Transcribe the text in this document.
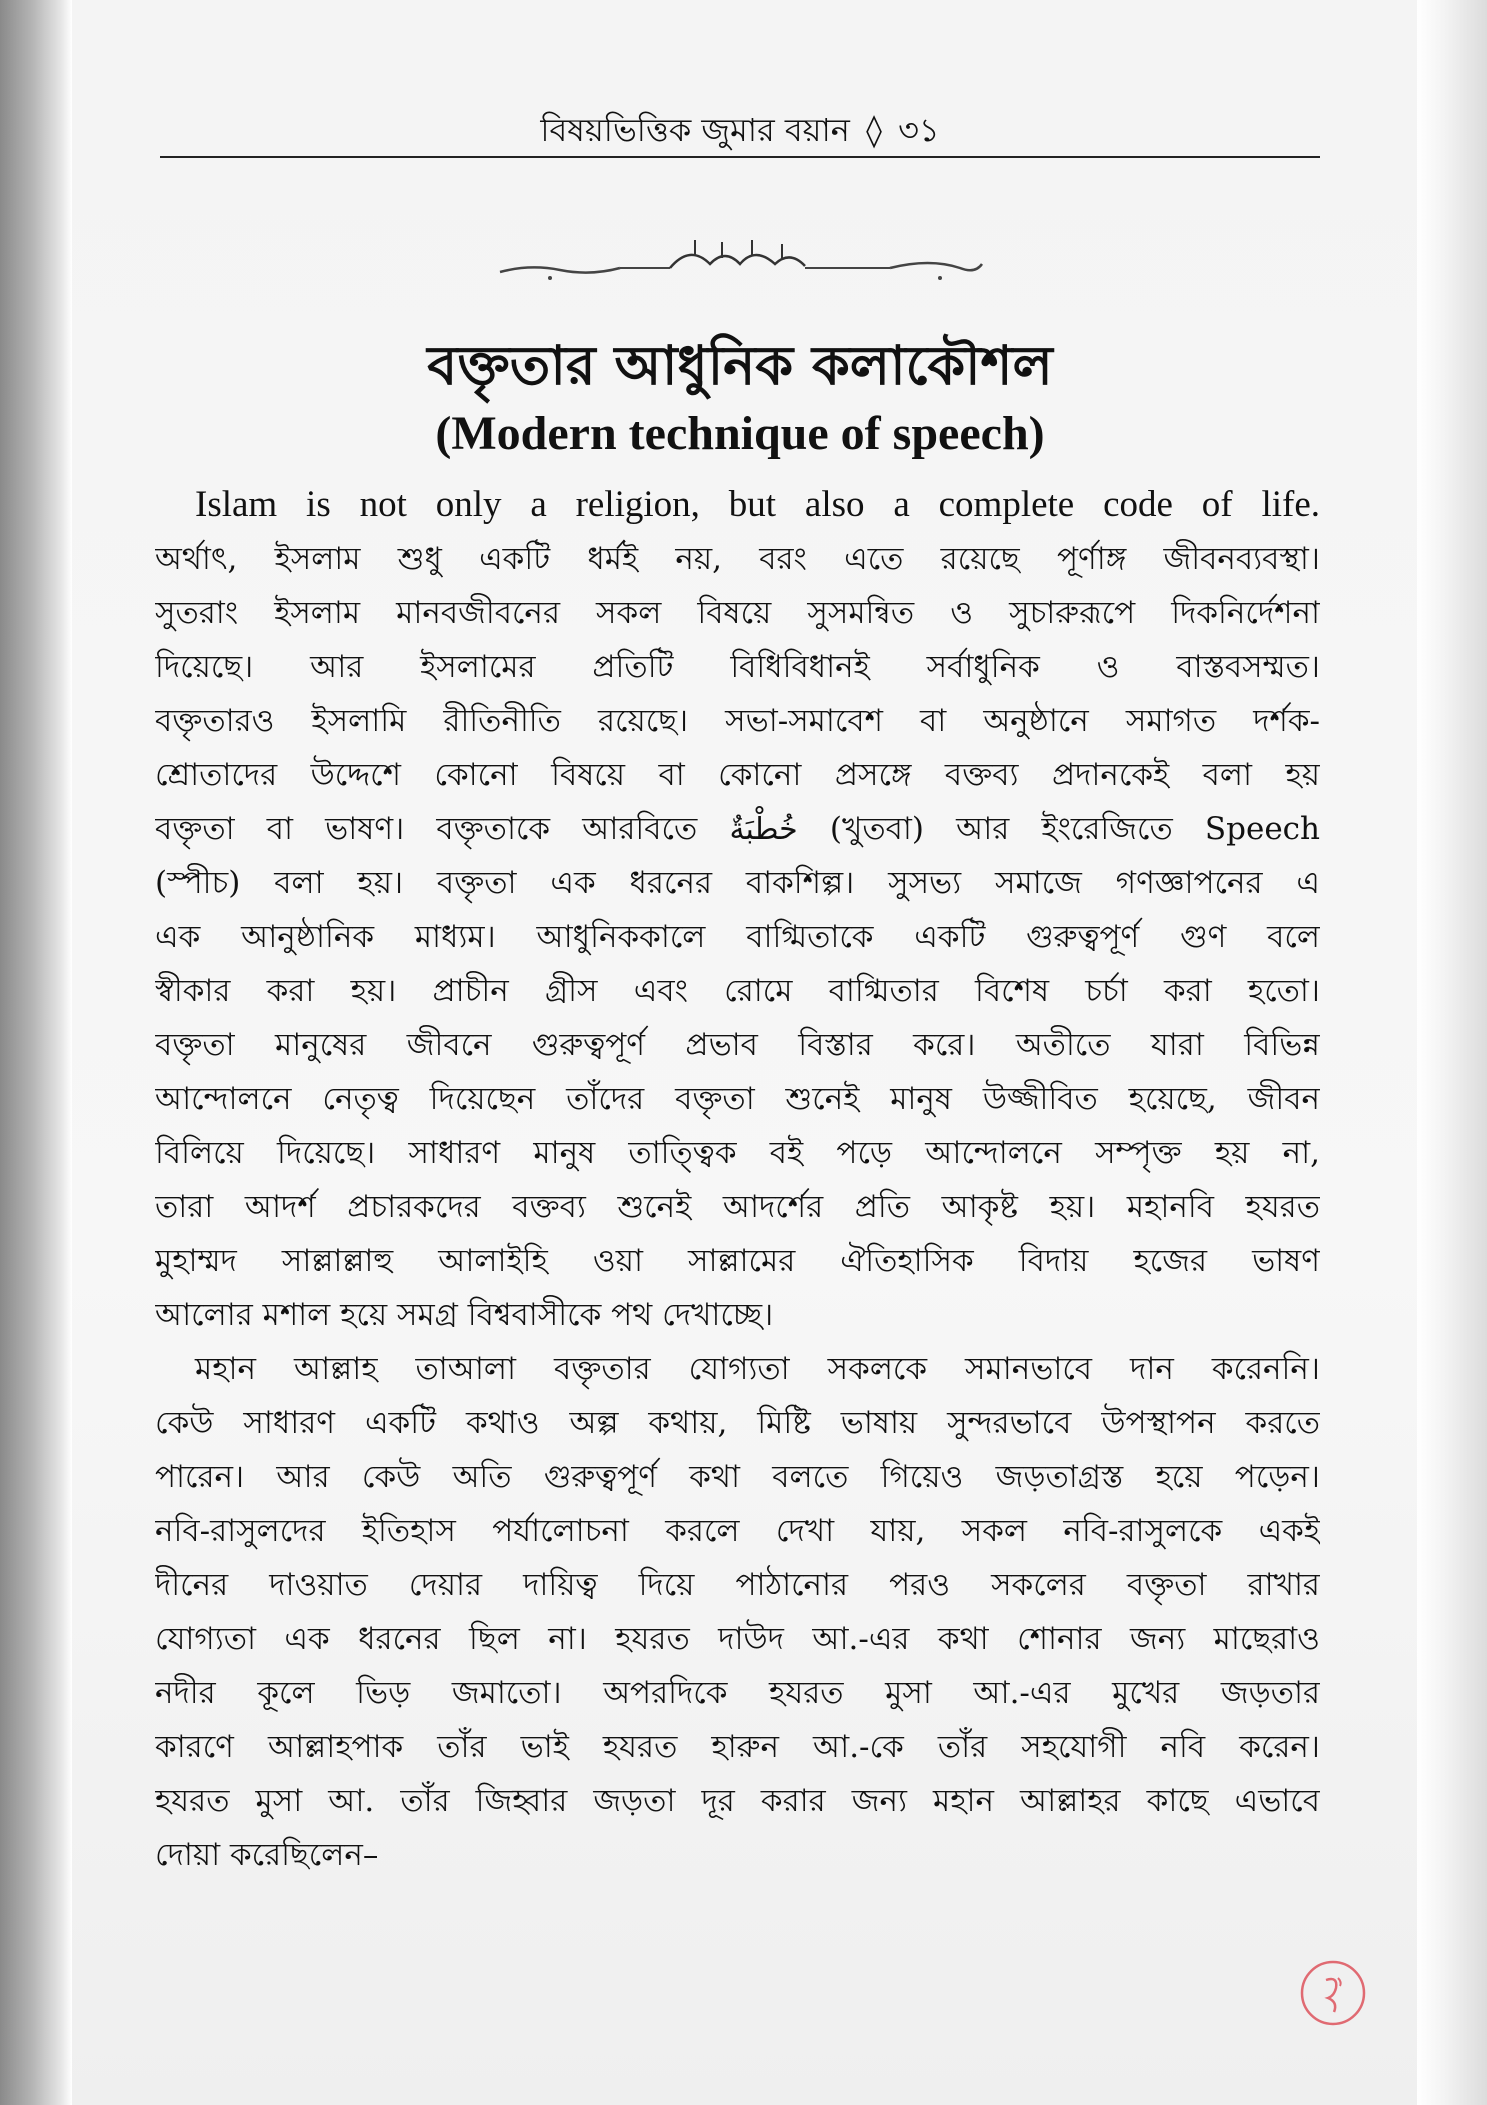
বিষয়ভিত্তিক জুমার বয়ান ◊ ৩১
بسم الله الرحمن الرحيم
বক্তৃতার আধুনিক কলাকৌশল
(Modern technique of speech)
Islam is not only a religion, but also a complete code of life.
অর্থাৎ, ইসলাম শুধু একটি ধর্মই নয়, বরং এতে রয়েছে পূর্ণাঙ্গ জীবনব্যবস্থা।
সুতরাং ইসলাম মানবজীবনের সকল বিষয়ে সুসমন্বিত ও সুচারুরূপে দিকনির্দেশনা
দিয়েছে। আর ইসলামের প্রতিটি বিধিবিধানই সর্বাধুনিক ও বাস্তবসম্মত।
বক্তৃতারও ইসলামি রীতিনীতি রয়েছে। সভা-সমাবেশ বা অনুষ্ঠানে সমাগত দর্শক-
শ্রোতাদের উদ্দেশে কোনো বিষয়ে বা কোনো প্রসঙ্গে বক্তব্য প্রদানকেই বলা হয়
বক্তৃতা বা ভাষণ। বক্তৃতাকে আরবিতে خُطْبَةٌ (খুতবা) আর ইংরেজিতে Speech
(স্পীচ) বলা হয়। বক্তৃতা এক ধরনের বাকশিল্প। সুসভ্য সমাজে গণজ্ঞাপনের এ
এক আনুষ্ঠানিক মাধ্যম। আধুনিককালে বাগ্মিতাকে একটি গুরুত্বপূর্ণ গুণ বলে
স্বীকার করা হয়। প্রাচীন গ্রীস এবং রোমে বাগ্মিতার বিশেষ চর্চা করা হতো।
বক্তৃতা মানুষের জীবনে গুরুত্বপূর্ণ প্রভাব বিস্তার করে। অতীতে যারা বিভিন্ন
আন্দোলনে নেতৃত্ব দিয়েছেন তাঁদের বক্তৃতা শুনেই মানুষ উজ্জীবিত হয়েছে, জীবন
বিলিয়ে দিয়েছে। সাধারণ মানুষ তাত্ত্বিক বই পড়ে আন্দোলনে সম্পৃক্ত হয় না,
তারা আদর্শ প্রচারকদের বক্তব্য শুনেই আদর্শের প্রতি আকৃষ্ট হয়। মহানবি হযরত
মুহাম্মদ সাল্লাল্লাহু আলাইহি ওয়া সাল্লামের ঐতিহাসিক বিদায় হজের ভাষণ
আলোর মশাল হয়ে সমগ্র বিশ্ববাসীকে পথ দেখাচ্ছে।
মহান আল্লাহ তাআলা বক্তৃতার যোগ্যতা সকলকে সমানভাবে দান করেননি।
কেউ সাধারণ একটি কথাও অল্প কথায়, মিষ্টি ভাষায় সুন্দরভাবে উপস্থাপন করতে
পারেন। আর কেউ অতি গুরুত্বপূর্ণ কথা বলতে গিয়েও জড়তাগ্রস্ত হয়ে পড়েন।
নবি-রাসুলদের ইতিহাস পর্যালোচনা করলে দেখা যায়, সকল নবি-রাসুলকে একই
দীনের দাওয়াত দেয়ার দায়িত্ব দিয়ে পাঠানোর পরও সকলের বক্তৃতা রাখার
যোগ্যতা এক ধরনের ছিল না। হযরত দাউদ আ.-এর কথা শোনার জন্য মাছেরাও
নদীর কূলে ভিড় জমাতো। অপরদিকে হযরত মুসা আ.-এর মুখের জড়তার
কারণে আল্লাহপাক তাঁর ভাই হযরত হারুন আ.-কে তাঁর সহযোগী নবি করেন।
হযরত মুসা আ. তাঁর জিহ্বার জড়তা দূর করার জন্য মহান আল্লাহর কাছে এভাবে
দোয়া করেছিলেন–
